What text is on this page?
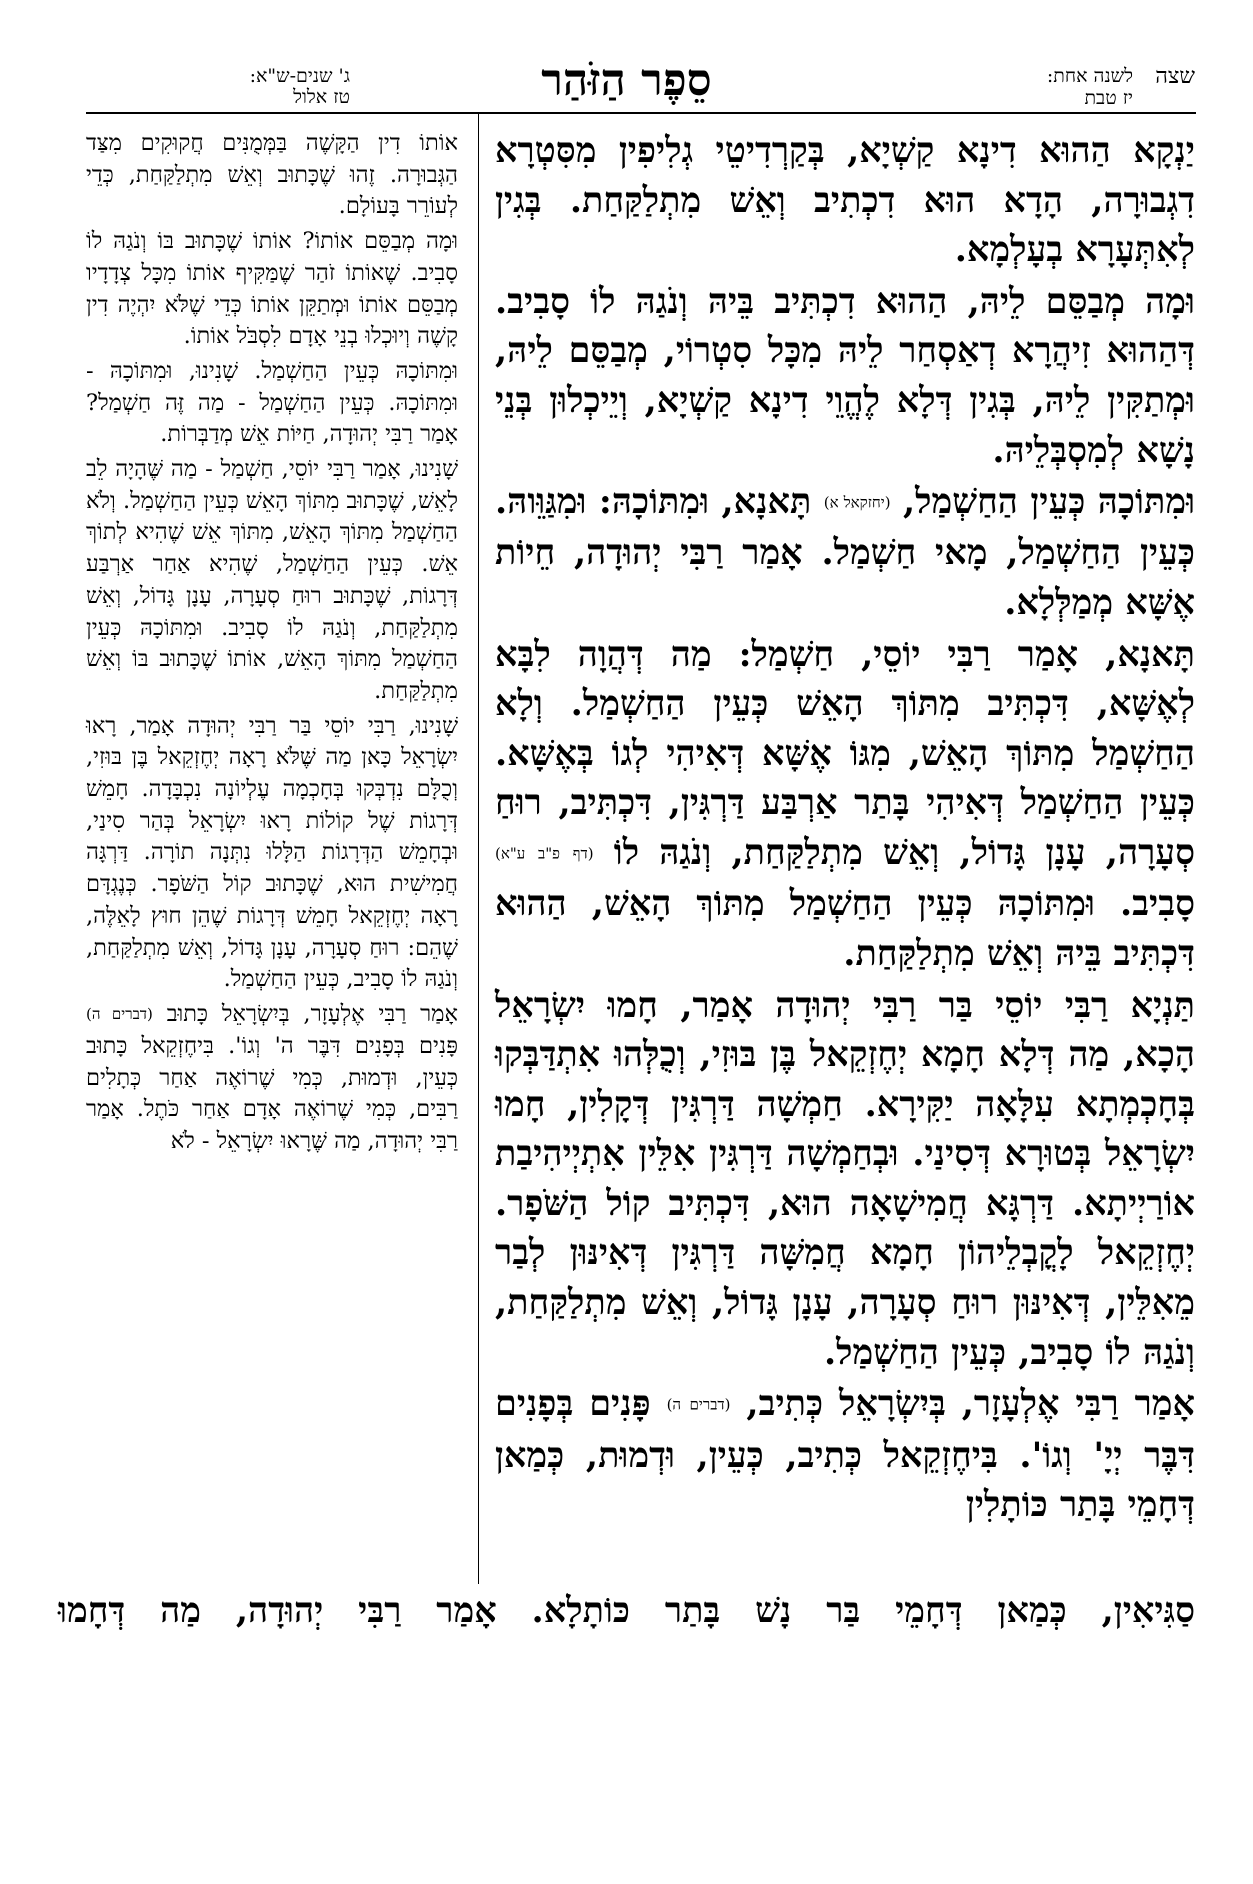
שצה
לשנה אחת:
יז טבת
סֵפֶר הַזֹּהַר
ג' שנים-ש"א:
טז אלול

יַנְקָא הַהוּא דִינָא קַשְׁיָא, בְּקַרְדִיטֵי גְלִיפִין מִסִּטְרָא דִגְבוּרָה, הָדָא הוּא דִכְתִיב וְאֵשׁ מִתְלַקַּחַת. בְּגִין לְאִתְּעָרָא בְעָלְמָא.

וּמָה מְבַסֵּם לֵיהּ, הַהוּא דִכְתִּיב בֵּיהּ וְנֹגַהּ לוֹ סָבִיב. דְּהַהוּא זִיהֲרָא דְאַסְחַר לֵיהּ מִכָּל סִטְרוֹי, מְבַסֵּם לֵיהּ, וּמְתַקִּין לֵיהּ, בְּגִין דְּלָא לֶהֱוֵי דִינָא קַשְׁיָא, וְיֵיכְלוּן בְּנֵי נָשָׁא לְמִסְבְּלֵיהּ.

וּמִתּוֹכָהּ כְּעֵין הַחַשְׁמַל, (יחזקאל א) תָּאנָא, וּמִתּוֹכָהּ: וּמִגַּוֵּוהּ. כְּעֵין הַחַשְׁמַל, מָאי חַשְׁמַל. אָמַר רַבִּי יְהוּדָה, חֵיוֹת אֶשָּׁא מְמַלְּלָא.

תָּאנָא, אָמַר רַבִּי יוֹסֵי, חַשְׁמַל: מַה דְּהֲוָה לִבָּא לְאֶשָּׁא, דִּכְתִּיב מִתּוֹךְ הָאֵשׁ כְּעֵין הַחַשְׁמַל. וְלָא הַחַשְׁמַל מִתּוֹךְ הָאֵשׁ, מִגּוֹ אֶשָּׁא דְּאִיהִי לְגוֹ בְּאֶשָּׁא. כְּעֵין הַחַשְׁמַל דְּאִיהִי בָּתַר אַרְבַּע דַּרְגִּין, דִּכְתִּיב, רוּחַ סְעָרָה, עָנָן גָּדוֹל, וְאֵשׁ מִתְלַקַּחַת, וְנֹגַהּ לוֹ (דף פ"ב ע"א) סָבִיב. וּמִתּוֹכָהּ כְּעֵין הַחַשְׁמַל מִתּוֹךְ הָאֵשׁ, הַהוּא דִּכְתִּיב בֵּיהּ וְאֵשׁ מִתְלַקַּחַת.

תַּנְיָא רַבִּי יוֹסֵי בַּר רַבִּי יְהוּדָה אָמַר, חָמוּ יִשְׂרָאֵל הָכָא, מַה דְּלָא חָמָא יְחֶזְקֵאל בֶּן בּוּזִי, וְכֻלְּהוּ אִתְדַּבְּקוּ בְּחָכְמְתָא עִלָּאָה יַקִּירָא. חַמְשָׁה דַּרְגִּין דְּקָלִין, חָמוּ יִשְׂרָאֵל בְּטוּרָא דְּסִינַי. וּבְחַמְשָׁה דַּרְגִּין אִלֵּין אִתְיְיהִיבַת אוֹרַיְיתָא. דַּרְגָּא חֲמִישָׁאָה הוּא, דִּכְתִּיב קוֹל הַשֹּׁפָר. יְחֶזְקֵאל לָקֳבְלֵיהוֹן חָמָא חֲמִשָּׁה דַּרְגִּין דְּאִינּוּן לְבַר מֵאִלֵּין, דְּאִינּוּן רוּחַ סְעָרָה, עָנָן גָּדוֹל, וְאֵשׁ מִתְלַקַּחַת, וְנֹגַהּ לוֹ סָבִיב, כְּעֵין הַחַשְׁמַל.

אָמַר רַבִּי אֶלְעָזָר, בְּיִשְׂרָאֵל כְּתִיב, (דברים ה) פָּנִים בְּפָנִים דִּבֶּר יְיָ' וְגוֹ'. בִּיחֶזְקֵאל כְּתִיב, כְּעֵין, וּדְמוּת, כְּמַאן דְּחָמֵי בָּתַר כּוֹתָלִין

אוֹתוֹ דִין הַקָּשֶׁה בַּמְּמֻנִּים חֲקוּקִים מִצַּד הַגְּבוּרָה. זֶהוּ שֶׁכָּתוּב וְאֵשׁ מִתְלַקַּחַת, כְּדֵי לְעוֹרֵר בָּעוֹלָם.

וּמָה מְבַסֵּם אוֹתוֹ? אוֹתוֹ שֶׁכָּתוּב בּוֹ וְנֹגַהּ לוֹ סָבִיב. שֶׁאוֹתוֹ זֹהַר שֶׁמַּקִּיף אוֹתוֹ מִכָּל צְדָדָיו מְבַסֵּם אוֹתוֹ וּמְתַקֵּן אוֹתוֹ כְּדֵי שֶׁלֹּא יִהְיֶה דִין קָשֶׁה וְיוּכְלוּ בְנֵי אָדָם לִסְבֹּל אוֹתוֹ.

וּמִתּוֹכָהּ כְּעֵין הַחַשְׁמַל. שָׁנִינוּ, וּמִתּוֹכָהּ - וּמִתּוֹכָהּ. כְּעֵין הַחַשְׁמַל - מַה זֶּה חַשְׁמַל? אָמַר רַבִּי יְהוּדָה, חַיּוֹת אֵשׁ מְדַבְּרוֹת.

שָׁנִינוּ, אָמַר רַבִּי יוֹסֵי, חַשְׁמַל - מַה שֶּׁהָיָה לֵב לָאֵשׁ, שֶׁכָּתוּב מִתּוֹךְ הָאֵשׁ כְּעֵין הַחַשְׁמַל. וְלֹא הַחַשְׁמַל מִתּוֹךְ הָאֵשׁ, מִתּוֹךְ אֵשׁ שֶׁהִיא לְתוֹךְ אֵשׁ. כְּעֵין הַחַשְׁמַל, שֶׁהִיא אַחַר אַרְבַּע דְּרָגוֹת, שֶׁכָּתוּב רוּחַ סְעָרָה, עָנָן גָּדוֹל, וְאֵשׁ מִתְלַקַּחַת, וְנֹגַהּ לוֹ סָבִיב. וּמִתּוֹכָהּ כְּעֵין הַחַשְׁמַל מִתּוֹךְ הָאֵשׁ, אוֹתוֹ שֶׁכָּתוּב בּוֹ וְאֵשׁ מִתְלַקַּחַת.

שָׁנִינוּ, רַבִּי יוֹסֵי בַּר רַבִּי יְהוּדָה אָמַר, רָאוּ יִשְׂרָאֵל כָּאן מַה שֶּׁלֹּא רָאָה יְחֶזְקֵאל בֶּן בּוּזִי, וְכֻלָּם נִדְבְּקוּ בְּחָכְמָה עֶלְיוֹנָה נִכְבָּדָה. חָמֵשׁ דְּרָגוֹת שֶׁל קוֹלוֹת רָאוּ יִשְׂרָאֵל בְּהַר סִינַי, וּבְחָמֵשׁ הַדְּרָגוֹת הַלָּלוּ נִתְּנָה תוֹרָה. דַּרְגָּה חֲמִישִׁית הוּא, שֶׁכָּתוּב קוֹל הַשֹּׁפָר. כְּנֶגְדָּם רָאָה יְחֶזְקֵאל חָמֵשׁ דְּרָגוֹת שֶׁהֵן חוּץ לָאֵלֶּה, שֶׁהֵם: רוּחַ סְעָרָה, עָנָן גָּדוֹל, וְאֵשׁ מִתְלַקַּחַת, וְנֹגַהּ לוֹ סָבִיב, כְּעֵין הַחַשְׁמַל.

אָמַר רַבִּי אֶלְעָזָר, בְּיִשְׂרָאֵל כָּתוּב (דברים ה) פָּנִים בְּפָנִים דִּבֶּר ה' וְגוֹ'. בִּיחֶזְקֵאל כָּתוּב כְּעֵין, וּדְמוּת, כְּמִי שֶׁרוֹאֶה אַחַר כְּתָלִים רַבִּים, כְּמִי שֶׁרוֹאֶה אָדָם אַחַר כֹּתֶל. אָמַר רַבִּי יְהוּדָה, מַה שֶּׁרָאוּ יִשְׂרָאֵל - לֹא

סַגִּיאִין, כְּמַאן דְּחָמֵי בַּר נָשׁ בָּתַר כּוֹתָלָא. אָמַר רַבִּי יְהוּדָה, מַה דְּחָמוּ
